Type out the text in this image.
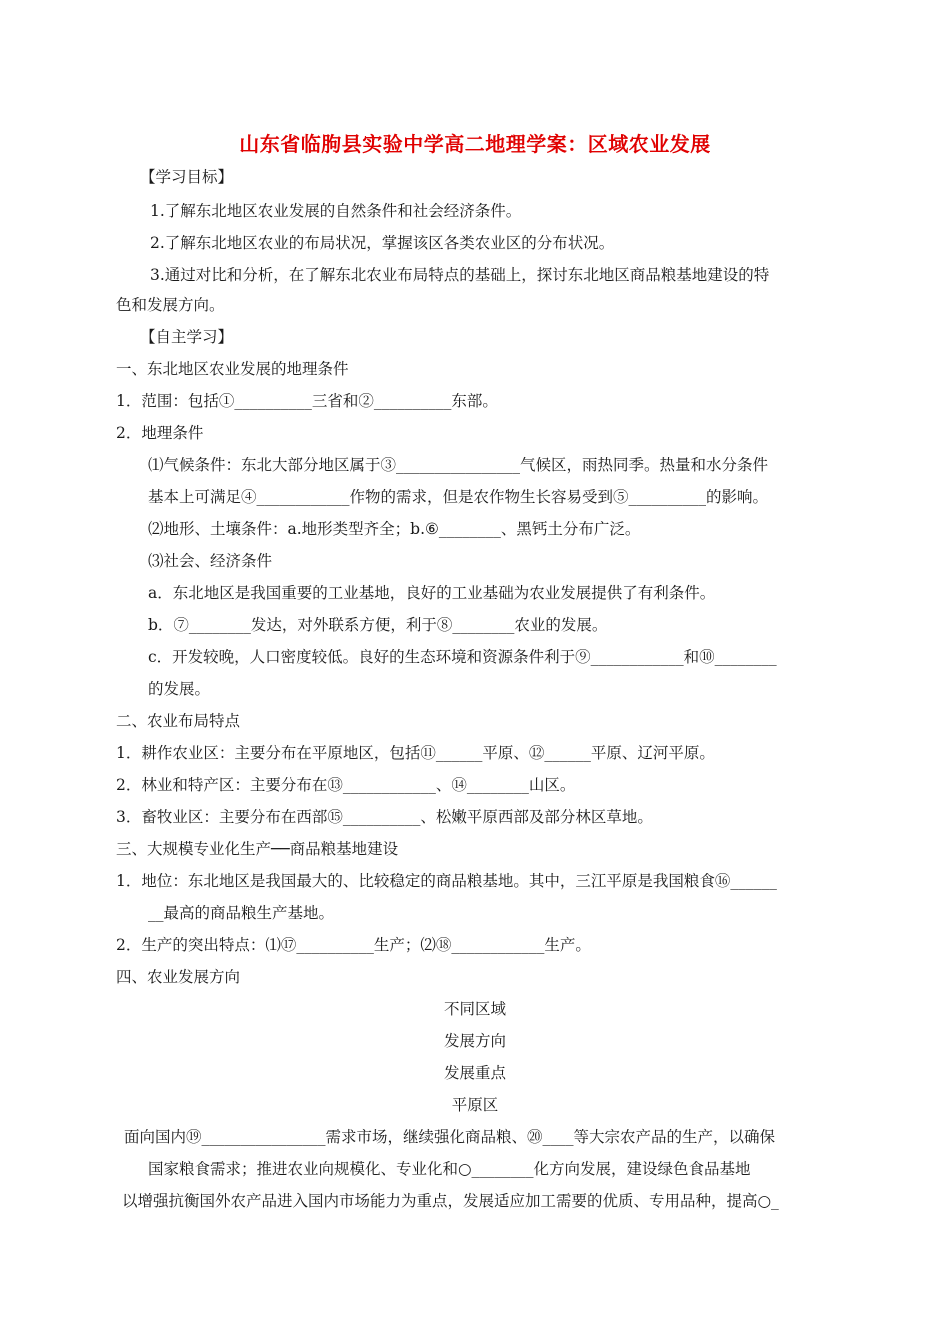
山东省临朐县实验中学高二地理学案：区域农业发展
【学习目标】
1.了解东北地区农业发展的自然条件和社会经济条件。
2.了解东北地区农业的布局状况，掌握该区各类农业区的分布状况。
3.通过对比和分析，在了解东北农业布局特点的基础上，探讨东北地区商品粮基地建设的特
色和发展方向。
【自主学习】
一、东北地区农业发展的地理条件
1．范围：包括①__________三省和②__________东部。
2．地理条件
⑴气候条件：东北大部分地区属于③________________气候区，雨热同季。热量和水分条件
基本上可满足④____________作物的需求，但是农作物生长容易受到⑤__________的影响。
⑵地形、土壤条件：a.地形类型齐全；b.⑥________、黑钙土分布广泛。
⑶社会、经济条件
a．东北地区是我国重要的工业基地，良好的工业基础为农业发展提供了有利条件。
b．⑦________发达，对外联系方便，利于⑧________农业的发展。
c．开发较晚，人口密度较低。良好的生态环境和资源条件利于⑨____________和⑩________
的发展。
二、农业布局特点
1．耕作农业区：主要分布在平原地区，包括⑪______平原、⑫______平原、辽河平原。
2．林业和特产区：主要分布在⑬____________、⑭________山区。
3．畜牧业区：主要分布在西部⑮__________、松嫩平原西部及部分林区草地。
三、大规模专业化生产──商品粮基地建设
1．地位：东北地区是我国最大的、比较稳定的商品粮基地。其中，三江平原是我国粮食⑯______
__最高的商品粮生产基地。
2．生产的突出特点：⑴⑰__________生产；⑵⑱____________生产。
四、农业发展方向
不同区域
发展方向
发展重点
平原区
面向国内⑲________________需求市场，继续强化商品粮、⑳____等大宗农产品的生产，以确保
国家粮食需求；推进农业向规模化、专业化和○________化方向发展，建设绿色食品基地
以增强抗衡国外农产品进入国内市场能力为重点，发展适应加工需要的优质、专用品种，提高○_
